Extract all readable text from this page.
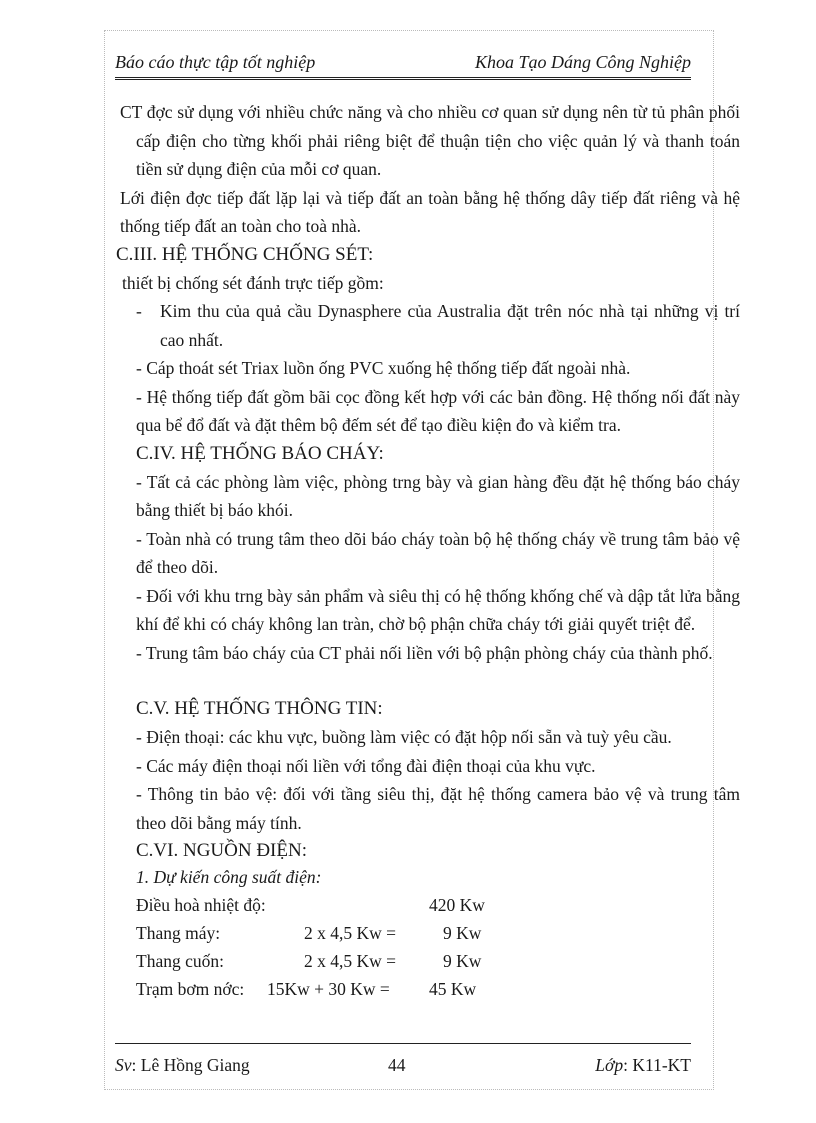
Báo cáo thực tập tốt nghiệp	Khoa Tạo Dáng Công Nghiệp

CT đợc sử dụng với nhiều chức năng và cho nhiều cơ quan sử dụng nên từ tủ phân phối cấp điện cho từng khối phải riêng biệt để thuận tiện cho việc quản lý và thanh toán tiền sử dụng điện của mỗi cơ quan.

Lới điện đợc tiếp đất lặp lại và tiếp đất an toàn bằng hệ thống dây tiếp đất riêng và hệ thống tiếp đất an toàn cho toà nhà.

C.III. HỆ THỐNG CHỐNG SÉT:

thiết bị chống sét đánh trực tiếp gồm:

- Kim thu của quả cầu Dynasphere của Australia đặt trên nóc nhà tại những vị trí cao nhất.

- Cáp thoát sét Triax luồn ống PVC xuống hệ thống tiếp đất ngoài nhà.

- Hệ thống tiếp đất gồm bãi cọc đồng kết hợp với các bản đồng. Hệ thống nối đất này qua bể đổ đất và đặt thêm bộ đếm sét để tạo điều kiện đo và kiểm tra.

C.IV. HỆ THỐNG BÁO CHÁY:

- Tất cả các phòng làm việc, phòng trng bày và gian hàng đều đặt hệ thống báo cháy bằng thiết bị báo khói.

- Toàn nhà có trung tâm theo dõi báo cháy toàn bộ hệ thống cháy về trung tâm bảo vệ để theo dõi.

- Đối với khu trng bày sản phẩm và siêu thị có hệ thống khống chế và dập tắt lửa bằng khí để khi có cháy không lan tràn, chờ bộ phận chữa cháy tới giải quyết triệt để.

- Trung tâm báo cháy của CT phải nối liền với bộ phận phòng cháy của thành phố.

C.V. HỆ THỐNG THÔNG TIN:

- Điện thoại: các khu vực, buồng làm việc có đặt hộp nối sẵn và tuỳ yêu cầu.

- Các máy điện thoại nối liền với tổng đài điện thoại của khu vực.

- Thông tin bảo vệ: đối với tầng siêu thị, đặt hệ thống camera bảo vệ và trung tâm theo dõi bằng máy tính.

C.VI. NGUỒN ĐIỆN:

1. Dự kiến công suất điện:

Điều hoà nhiệt độ:	420 Kw
Thang máy:	2 x 4,5 Kw =	9 Kw
Thang cuốn:	2 x 4,5 Kw =	9 Kw
Trạm bơm nớc: 15Kw + 30 Kw = 45 Kw
Sv: Lê Hồng Giang	44	Lớp: K11-KT
